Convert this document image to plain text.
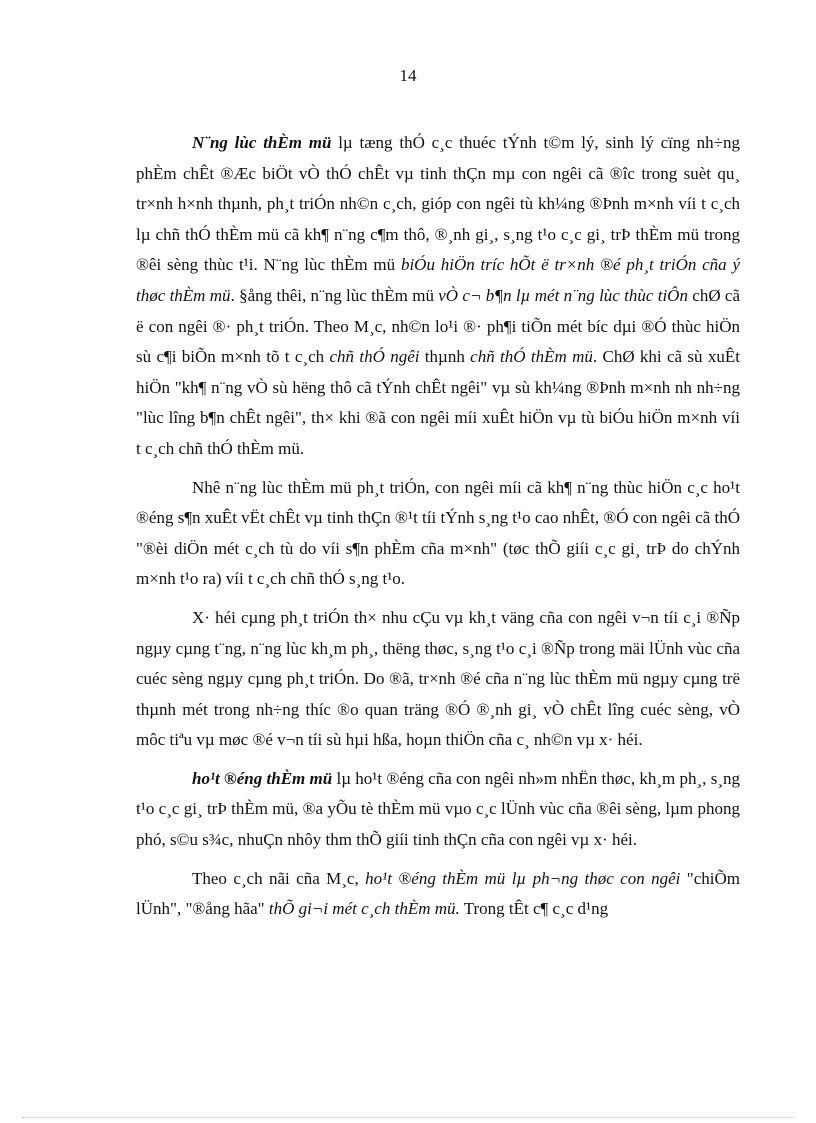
14

N¨ng lùc thÈm mü lµ tæng thÓ c¸c thuéc tÝnh t©m lý, sinh lý cïng nh÷ng phÈm chÊt ®Æc biÖt vÒ thÓ chÊt vµ tinh thÇn mµ con ngêi cã ®îc trong suèt qu¸ tr×nh h×nh thµnh, ph¸t triÓn nh©n c¸ch, gióp con ngêi tù kh¼ng ®Þnh m×nh víi t c¸ch lµ chñ thÓ thÈm mü cã kh¶ n¨ng c¶m thô, ®¸nh gi¸, s¸ng t¹o c¸c gi¸ trÞ thÈm mü trong ®êi sèng thùc t¹i. N¨ng lùc thÈm mü biÓu hiÖn tríc hÕt ë tr×nh ®é ph¸t triÓn cña ý thøc thÈm mü. §ång thêi, n¨ng lùc thÈm mü vÒ c¬ b¶n lµ mét n¨ng lùc thùc tiÔn chØ cã ë con ngêi ®· ph¸t triÓn. Theo M¸c, nh©n lo¹i ®· ph¶i tiÕn mét bíc dµi ®Ó thùc hiÖn sù c¶i biÕn m×nh tõ t c¸ch chñ thÓ ngêi thµnh chñ thÓ thÈm mü. ChØ khi cã sù xuÊt hiÖn "kh¶ n¨ng vÒ sù hëng thô cã tÝnh chÊt ngêi" vµ sù kh¼ng ®Þnh m×nh nh nh÷ng "lùc lîng b¶n chÊt ngêi", th× khi ®ã con ngêi míi xuÊt hiÖn vµ tù biÓu hiÖn m×nh víi t c¸ch chñ thÓ thÈm mü.

Nhê n¨ng lùc thÈm mü ph¸t triÓn, con ngêi míi cã kh¶ n¨ng thùc hiÖn c¸c ho¹t ®éng s¶n xuÊt vËt chÊt vµ tinh thÇn ®¹t tíi tÝnh s¸ng t¹o cao nhÊt, ®Ó con ngêi cã thÓ "®èi diÖn mét c¸ch tù do víi s¶n phÈm cña m×nh" (tøc thÕ giíi c¸c gi¸ trÞ do chÝnh m×nh t¹o ra) víi t c¸ch chñ thÓ s¸ng t¹o.

X· héi cµng ph¸t triÓn th× nhu cÇu vµ kh¸t väng cña con ngêi v¬n tíi c¸i ®Ñp ngµy cµng t¨ng, n¨ng lùc kh¸m ph¸, thëng thøc, s¸ng t¹o c¸i ®Ñp trong mäi lÜnh vùc cña cuéc sèng ngµy cµng ph¸t triÓn. Do ®ã, tr×nh ®é cña n¨ng lùc thÈm mü ngµy cµng trë thµnh mét trong nh÷ng thíc ®o quan träng ®Ó ®¸nh gi¸ vÒ chÊt lîng cuéc sèng, vÒ môc tiªu vµ møc ®é v¬n tíi sù hµi hßa, hoµn thiÖn cña c¸ nh©n vµ x· héi.

ho¹t ®éng thÈm mü lµ ho¹t ®éng cña con ngêi nh»m nhËn thøc, kh¸m ph¸, s¸ng t¹o c¸c gi¸ trÞ thÈm mü, ®a yÕu tè thÈm mü vµo c¸c lÜnh vùc cña ®êi sèng, lµm phong phó, s©u s¾c, nhuÇn nhôy thm thÕ giíi tinh thÇn cña con ngêi vµ x· héi.

Theo c¸ch nãi cña M¸c, ho¹t ®éng thÈm mü lµ ph¬ng thøc con ngêi "chiÕm lÜnh", "®ång hãa" thÕ gi¬i mét c¸ch thÈm mü. Trong tÊt c¶ c¸c d¹ng
